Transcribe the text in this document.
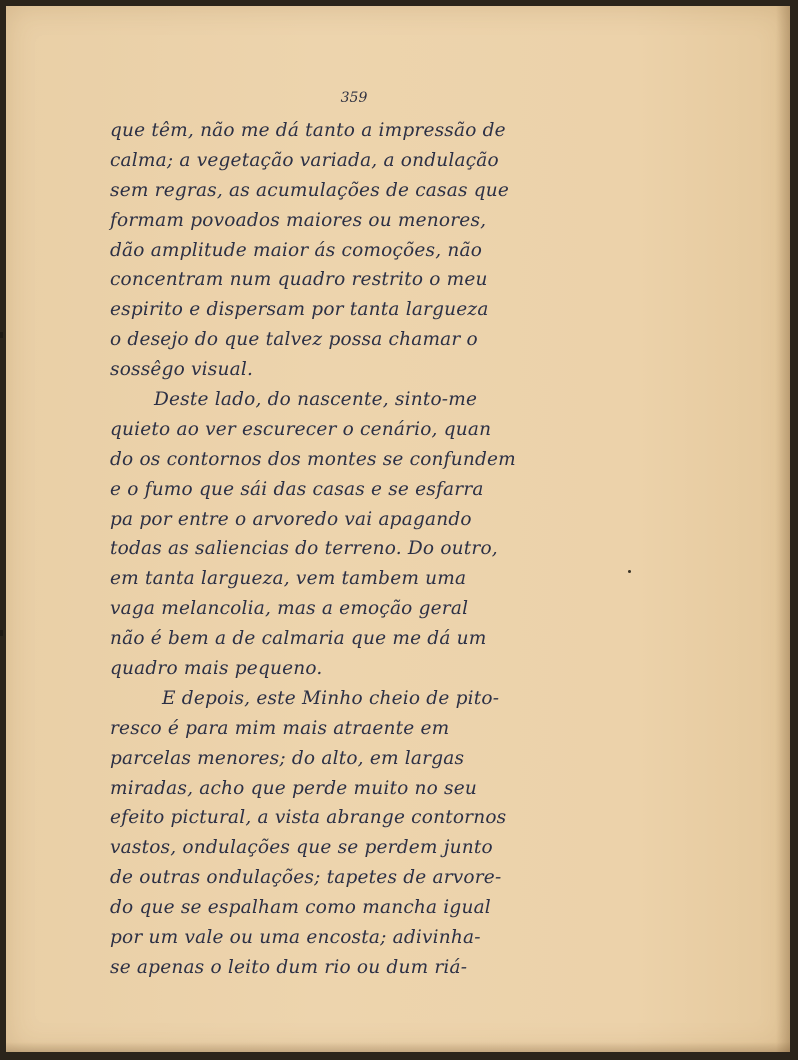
359
que têm, não me dá tanto a impressão de
calma; a vegetação variada, a ondulação
sem regras, as acumulações de casas que
formam povoados maiores ou menores,
dão amplitude maior ás comoções, não
concentram num quadro restrito o meu
espirito e dispersam por tanta largueza
o desejo do que talvez possa chamar o
sossêgo visual.
Deste lado, do nascente, sinto-me
quieto ao ver escurecer o cenário, quan
do os contornos dos montes se confundem
e o fumo que sái das casas e se esfarra
pa por entre o arvoredo vai apagando
todas as saliencias do terreno. Do outro,
em tanta largueza, vem tambem uma
vaga melancolia, mas a emoção geral
não é bem a de calmaria que me dá um
quadro mais pequeno.
E depois, este Minho cheio de pito-
resco é para mim mais atraente em
parcelas menores; do alto, em largas
miradas, acho que perde muito no seu
efeito pictural, a vista abrange contornos
vastos, ondulações que se perdem junto
de outras ondulações; tapetes de arvore-
do que se espalham como mancha igual
por um vale ou uma encosta; adivinha-
se apenas o leito dum rio ou dum riá-
